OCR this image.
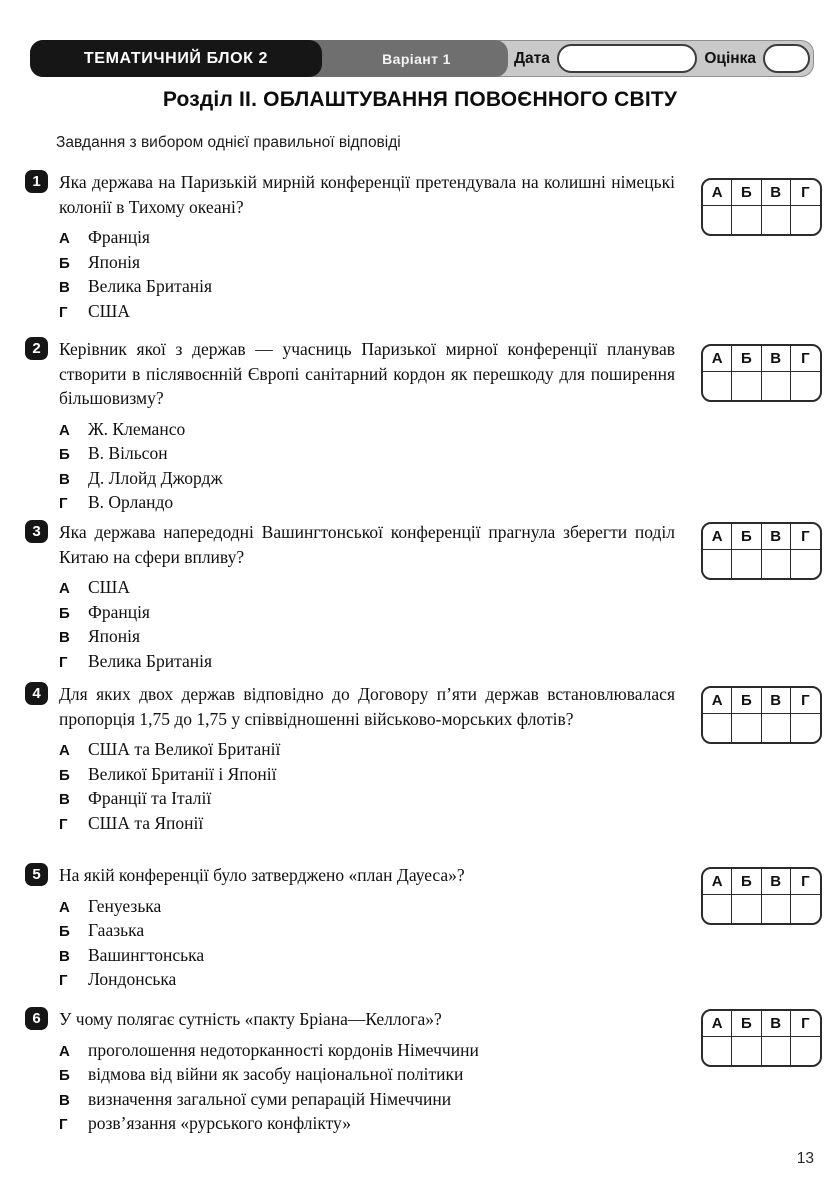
ТЕМАТИЧНИЙ БЛОК 2	Варіант 1	Дата	Оцінка
Розділ ІІ. ОБЛАШТУВАННЯ ПОВОЄННОГО СВІТУ
Завдання з вибором однієї правильної відповіді
1	Яка держава на Паризькій мирній конференції претендувала на колишні німецькі колонії в Тихому океані?
А	Франція
Б	Японія
В	Велика Британія
Г	США
2	Керівник якої з держав — учасниць Паризької мирної конференції планував створити в післявоєнній Європі санітарний кордон як перешкоду для поширення більшовизму?
А	Ж. Клемансо
Б	В. Вільсон
В	Д. Ллойд Джордж
Г	В. Орландо
3	Яка держава напередодні Вашингтонської конференції прагнула зберегти поділ Китаю на сфери впливу?
А	США
Б	Франція
В	Японія
Г	Велика Британія
4	Для яких двох держав відповідно до Договору п’яти держав встановлювалася пропорція 1,75 до 1,75 у співвідношенні військово-морських флотів?
А	США та Великої Британії
Б	Великої Британії і Японії
В	Франції та Італії
Г	США та Японії
5	На якій конференції було затверджено «план Дауеса»?
А	Генуезька
Б	Гаазька
В	Вашингтонська
Г	Лондонська
6	У чому полягає сутність «пакту Бріана—Келлога»?
А	проголошення недоторканності кордонів Німеччини
Б	відмова від війни як засобу національної політики
В	визначення загальної суми репарацій Німеччини
Г	розв’язання «рурського конфлікту»
13
А	Б	В	Г
А	Б	В	Г
А	Б	В	Г
А	Б	В	Г
А	Б	В	Г
А	Б	В	Г
